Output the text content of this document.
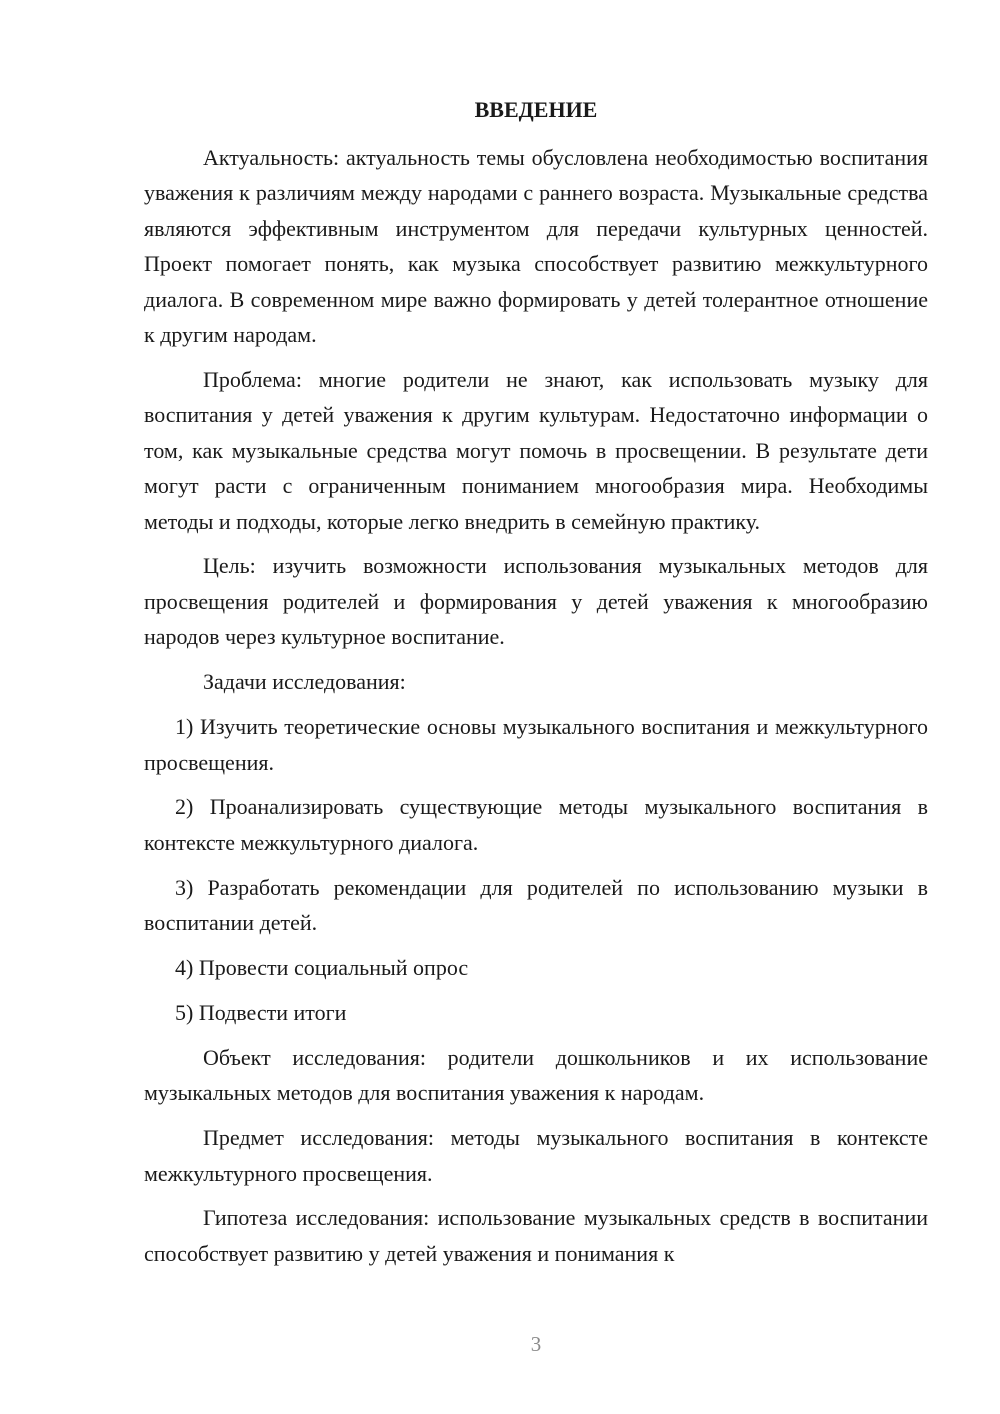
ВВЕДЕНИЕ

Актуальность: актуальность темы обусловлена необходимостью воспитания уважения к различиям между народами с раннего возраста. Музыкальные средства являются эффективным инструментом для передачи культурных ценностей. Проект помогает понять, как музыка способствует развитию межкультурного диалога. В современном мире важно формировать у детей толерантное отношение к другим народам.

Проблема: многие родители не знают, как использовать музыку для воспитания у детей уважения к другим культурам. Недостаточно информации о том, как музыкальные средства могут помочь в просвещении. В результате дети могут расти с ограниченным пониманием многообразия мира. Необходимы методы и подходы, которые легко внедрить в семейную практику.

Цель: изучить возможности использования музыкальных методов для просвещения родителей и формирования у детей уважения к многообразию народов через культурное воспитание.

Задачи исследования:

1) Изучить теоретические основы музыкального воспитания и межкультурного просвещения.

2) Проанализировать существующие методы музыкального воспитания в контексте межкультурного диалога.

3) Разработать рекомендации для родителей по использованию музыки в воспитании детей.

4) Провести социальный опрос

5) Подвести итоги

Объект исследования: родители дошкольников и их использование музыкальных методов для воспитания уважения к народам.

Предмет исследования: методы музыкального воспитания в контексте межкультурного просвещения.

Гипотеза исследования: использование музыкальных средств в воспитании способствует развитию у детей уважения и понимания к

3
